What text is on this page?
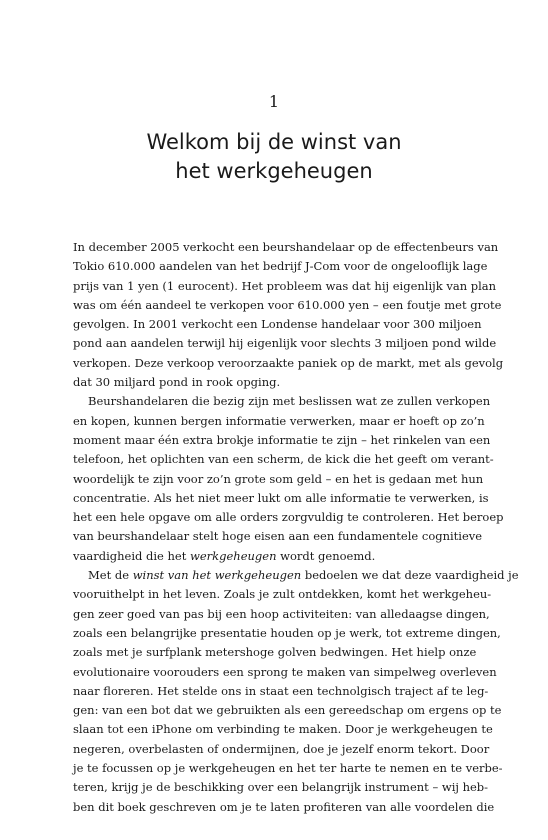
1
Welkom bij de winst van
het werkgeheugen
In december 2005 verkocht een beurshandelaar op de effectenbeurs van
Tokio 610.000 aandelen van het bedrijf J-Com voor de ongelooflijk lage
prijs van 1 yen (1 eurocent). Het probleem was dat hij eigenlijk van plan
was om één aandeel te verkopen voor 610.000 yen – een foutje met grote
gevolgen. In 2001 verkocht een Londense handelaar voor 300 miljoen
pond aan aandelen terwijl hij eigenlijk voor slechts 3 miljoen pond wilde
verkopen. Deze verkoop veroorzaakte paniek op de markt, met als gevolg
dat 30 miljard pond in rook opging.
Beurshandelaren die bezig zijn met beslissen wat ze zullen verkopen
en kopen, kunnen bergen informatie verwerken, maar er hoeft op zo’n
moment maar één extra brokje informatie te zijn – het rinkelen van een
telefoon, het oplichten van een scherm, de kick die het geeft om verant-
woordelijk te zijn voor zo’n grote som geld – en het is gedaan met hun
concentratie. Als het niet meer lukt om alle informatie te verwerken, is
het een hele opgave om alle orders zorgvuldig te controleren. Het beroep
van beurshandelaar stelt hoge eisen aan een fundamentele cognitieve
vaardigheid die het werkgeheugen wordt genoemd.
Met de winst van het werkgeheugen bedoelen we dat deze vaardigheid je
vooruithelpt in het leven. Zoals je zult ontdekken, komt het werkgeheu-
gen zeer goed van pas bij een hoop activiteiten: van alledaagse dingen,
zoals een belangrijke presentatie houden op je werk, tot extreme dingen,
zoals met je surfplank metershoge golven bedwingen. Het hielp onze
evolutionaire voorouders een sprong te maken van simpelweg overleven
naar floreren. Het stelde ons in staat een technolgisch traject af te leg-
gen: van een bot dat we gebruikten als een gereedschap om ergens op te
slaan tot een iPhone om verbinding te maken. Door je werkgeheugen te
negeren, overbelasten of ondermijnen, doe je jezelf enorm tekort. Door
je te focussen op je werkgeheugen en het ter harte te nemen en te verbe-
teren, krijg je de beschikking over een belangrijk instrument – wij heb-
ben dit boek geschreven om je te laten profiteren van alle voordelen die
